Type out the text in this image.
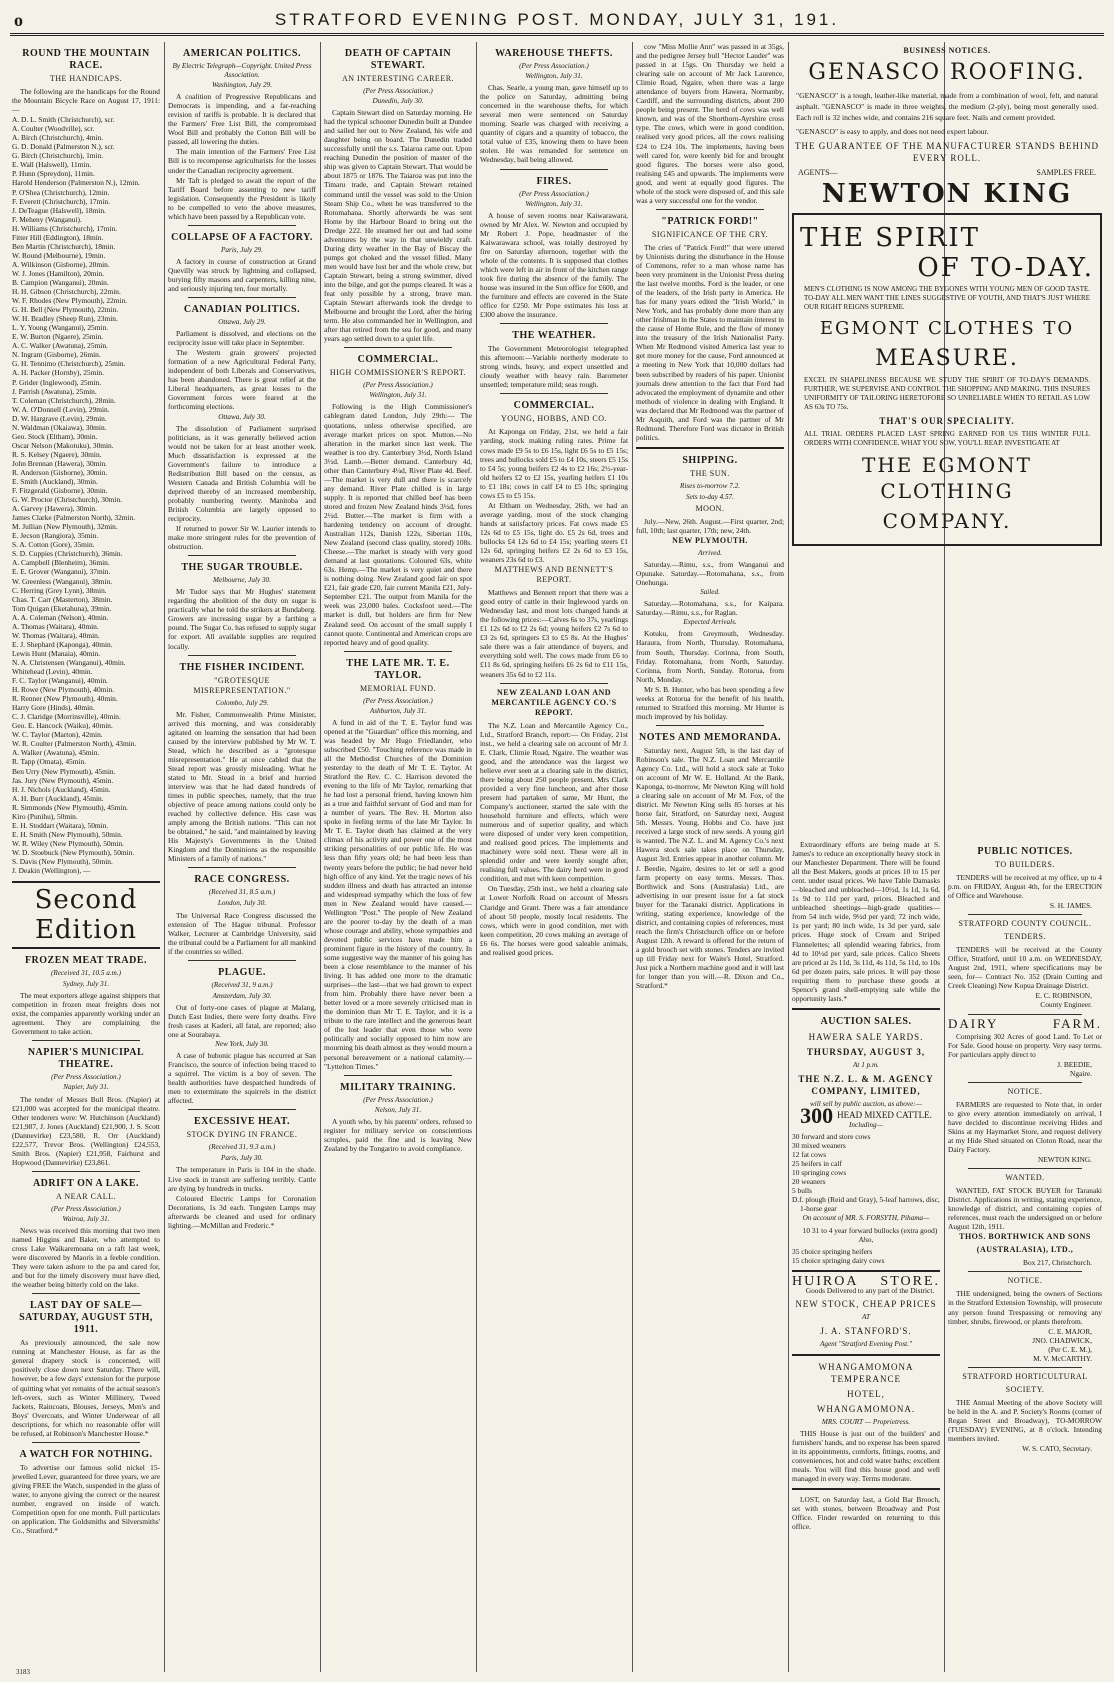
o	STRATFORD EVENING POST. MONDAY, JULY 31, 191.
ROUND THE MOUNTAIN RACE.
THE HANDICAPS.
The following are the handicaps for the Round the Mountain Bicycle Race on August 17, 1911:—
A. D. L. Smith (Christchurch), scr.
A. Coulter (Woodville), scr.
A. Birch (Christchurch), 4min.
G. D. Donald (Palmerston N.), scr.
G. Birch (Christchurch), 1min.
E. Wall (Halswell), 11min.
P. Hunn (Spreydon), 11min.
Harold Henderson (Palmerston N.), 12min.
P. O'Shea (Christchurch), 12min.
F. Everett (Christchurch), 17min.
J. DeTeague (Halswell), 18min.
F. Meheny (Wanganui).
H. Williams (Christchurch), 17min.
Fitter Hill (Eddington), 18min.
Ben Martin (Christchurch), 18min.
W. Round (Melbourne), 19min.
A. Wilkinson (Gisborne), 20min.
W. J. Jones (Hamilton), 20min.
B. Campion (Wanganui), 20min.
H. H. Gibson (Christchurch), 22min.
W. F. Rhodes (New Plymouth), 22min.
G. H. Bell (New Plymouth), 22min.
W. H. Bradley (Sheep Run), 23min.
L. Y. Young (Wanganui), 25min.
E. W. Burton (Ngaere), 25min.
A. C. Walker (Awatuna), 25min.
N. Ingram (Gisborne), 26min.
G. H. Tennimo (Christchurch), 25min.
A. H. Packer (Hornby), 25min.
P. Grider (Inglewood), 25min.
J. Parrish (Awatuna), 25min.
T. Coleman (Christchurch), 28min.
W. A. O'Donnell (Levin), 29min.
D. W. Hargrave (Levin), 29min.
N. Waldman (Okaiawa), 30min.
Geo. Stock (Eltham), 30min.
Oscar Nelson (Makotuku), 30min.
R. S. Kelsey (Ngaere), 30min.
John Brennan (Hawera), 30min.
R. Anderson (Gisborne), 30min.
E. Smith (Auckland), 30min.
F. Fitzgerald (Gisborne), 30min.
G. W. Proctor (Christchurch), 30min.
A. Garvey (Hawera), 30min.
James Clarke (Palmerston North), 32min.
M. Jullian (New Plymouth), 32min.
E. Jecson (Rangiora), 35min.
S. A. Cotton (Gore), 35min.
S. D. Cuppies (Christchurch), 36min.
A. Campbell (Blenheim), 36min.
E. E. Grover (Wanganui), 37min.
W. Greenless (Wanganui), 38min.
C. Herring (Grey Lynn), 38min.
Chas. T. Carr (Masterton), 38min.
Tom Quigan (Eketahuna), 39min.
A. A. Coleman (Nelson), 40min.
A. Thomas (Waitara), 40min.
W. Thomas (Waitara), 40min.
E. J. Shephard (Kaponga), 40min.
Lewis Hunt (Manaia), 40min.
N. A. Christensen (Wanganui), 40min.
Whitehead (Levin), 40min.
F. C. Taylor (Wanganui), 40min.
H. Rowe (New Plymouth), 40min.
R. Renner (New Plymouth), 40min.
Harry Gore (Hinds), 40min.
C. J. Claridge (Morrinsville), 40min.
Geo. E. Hancock (Waiku), 40min.
W. C. Taylor (Marton), 42min.
W. R. Coulter (Palmerston North), 43min.
A. Walker (Awatuna), 45min.
R. Tapp (Omata), 45min.
Ben Urry (New Plymouth), 45min.
Jas. Jury (New Plymouth), 45min.
H. J. Nichols (Auckland), 45min.
A. H. Burr (Auckland), 45min.
R. Simmonds (New Plymouth), 45min.
Kiro (Punihu), 50min.
E. H. Stoddart (Waitara), 50min.
E. H. Smith (New Plymouth), 50min.
W. R. Wiley (New Plymouth), 50min.
W. D. Stoebuck (New Plymouth), 50min.
S. Davis (New Plymouth), 50min.
J. Deakin (Wellington), —
Second Edition
FROZEN MEAT TRADE.
(Received 31, 10.5 a.m.)
Sydney, July 31.
The meat exporters allege against shippers that competition in frozen meat freights does not exist, the companies apparently working under an agreement. They are complaining the Government to take action.
NAPIER'S MUNICIPAL THEATRE.
(Per Press Association.)
Napier, July 31.
The tender of Messrs Bull Bros. (Napier) at £21,000 was accepted for the municipal theatre. Other tenderers were: W. Hutchinson (Auckland) £21,987, J. Jones (Auckland) £21,900, J. S. Scott (Dannevirke) £23,580, R. Orr (Auckland) £22,577, Trevor Bros. (Wellington) £24,553, Smith Bros. (Napier) £21,958, Fairhurst and Hopwood (Dannevirke) £23,861.
ADRIFT ON A LAKE.
A NEAR CALL.
(Per Press Association.)
Wairoa, July 31.
News was received this morning that two men named Higgins and Baker, who attempted to cross Lake Waikaremoana on a raft last week, were discovered by Maoris in a feeble condition. They were taken ashore to the pa and cared for, and but for the timely discovery must have died, the weather being bitterly cold on the lake.
LAST DAY OF SALE—SATURDAY, AUGUST 5TH, 1911.
As previously announced, the sale now running at Manchester House, as far as the general drapery stock is concerned, will positively close down next Saturday. There will, however, be a few days' extension for the purpose of quitting what yet remains of the actual season's left-overs, such as Winter Millinery, Tweed Jackets, Raincoats, Blouses, Jerseys, Men's and Boys' Overcoats, and Winter Underwear of all descriptions, for which no reasonable offer will be refused, at Robinson's Manchester House.*
A WATCH FOR NOTHING.
To advertise our famous solid nickel 15-jewelled Lever, guaranteed for three years, we are giving FREE the Watch, suspended in the glass of water, to anyone giving the correct or the nearest number, engraved on inside of watch. Competition open for one month. Full particulars on application. The Goldsmiths and Silversmiths' Co., Stratford.*
AMERICAN POLITICS.
By Electric Telegraph—Copyright. United Press Association.
Washington, July 29.
A coalition of Progressive Republicans and Democrats is impending, and a far-reaching revision of tariffs is probable. It is declared that the Farmers' Free List Bill, the compromised Wool Bill and probably the Cotton Bill will be passed, all lowering the duties.
The main intention of the Farmers' Free List Bill is to recompense agriculturists for the losses under the Canadian reciprocity agreement.
Mr Taft is pledged to await the report of the Tariff Board before assenting to new tariff legislation. Consequently the President is likely to be compelled to veto the above measures, which have been passed by a Republican vote.
COLLAPSE OF A FACTORY.
Paris, July 29.
A factory in course of construction at Grand Quevilly was struck by lightning and collapsed, burying fifty masons and carpenters, killing nine, and seriously injuring ten, four mortally.
CANADIAN POLITICS.
Ottawa, July 29.
Parliament is dissolved, and elections on the reciprocity issue will take place in September.
The Western grain growers' projected formation of a new Agricultural Federal Party, independent of both Liberals and Conservatives, has been abandoned. There is great relief at the Liberal headquarters, as great losses to the Government forces were feared at the forthcoming elections.
Ottawa, July 30.
The dissolution of Parliament surprised politicians, as it was generally believed action would not be taken for at least another week. Much dissatisfaction is expressed at the Government's failure to introduce a Redistribution Bill based on the census, as Western Canada and British Columbia will be deprived thereby of an increased membership, probably numbering twenty. Manitoba and British Columbia are largely opposed to reciprocity.
If returned to power Sir W. Laurier intends to make more stringent rules for the prevention of obstruction.
THE SUGAR TROUBLE.
Melbourne, July 30.
Mr Tudor says that Mr Hughes' statement regarding the abolition of the duty on sugar is practically what he told the strikers at Bundaberg. Growers are increasing sugar by a farthing a pound. The Sugar Co. has refused to supply sugar for export. All available supplies are required locally.
THE FISHER INCIDENT.
"GROTESQUE MISREPRESENTATION."
Colombo, July 29.
Mr. Fisher, Commonwealth Prime Minister, arrived this morning, and was considerably agitated on learning the sensation that had been caused by the interview published by Mr W. T. Stead, which he described as a "grotesque misrepresentation." He at once cabled that the Stead report was grossly misleading. What he stated to Mr. Stead in a brief and hurried interview was that he had dated hundreds of times in public speeches, namely, that the true objective of peace among nations could only be reached by collective defence. His case was amply among the British nations. "This can not be obtained," he said, "and maintained by leaving His Majesty's Governments in the United Kingdom and the Dominions as the responsible Ministers of a family of nations."
RACE CONGRESS.
(Received 31, 8.5 a.m.)
London, July 30.
The Universal Race Congress discussed the extension of The Hague tribunal. Professor Walker, Lecturer at Cambridge University, said the tribunal could be a Parliament for all mankind if the countries so willed.
PLAGUE.
(Received 31, 9 a.m.)
Amsterdam, July 30.
Out of forty-one cases of plague at Malang, Dutch East Indies, there were forty deaths. Five fresh cases at Kaderi, all fatal, are reported; also one at Sourabaya.
New York, July 30.
A case of bubonic plague has occurred at San Francisco, the source of infection being traced to a squirrel. The victim is a boy of seven. The health authorities have despatched hundreds of men to exterminate the squirrels in the district affected.
EXCESSIVE HEAT.
STOCK DYING IN FRANCE.
(Received 31, 9.3 a.m.)
Paris, July 30.
The temperature in Paris is 104 in the shade. Live stock in transit are suffering terribly. Cattle are dying by hundreds in trucks.
Coloured Electric Lamps for Coronation Decorations, 1s 3d each. Tungsten Lamps may afterwards be cleaned and used for ordinary lighting.—McMillan and Frederic.*
DEATH OF CAPTAIN STEWART.
AN INTERESTING CAREER.
(Per Press Association.)
Dunedin, July 30.
Captain Stewart died on Saturday morning. He had the typical schooner Dunedin built at Dundee and sailed her out to New Zealand, his wife and daughter being on board. The Dunedin traded successfully until the s.s. Taiaroa came out. Upon reaching Dunedin the position of master of the ship was given to Captain Stewart. That would be about 1875 or 1876. The Taiaroa was put into the Timaru trade, and Captain Stewart retained command until the vessel was sold to the Union Steam Ship Co., when he was transferred to the Rotomahana. Shortly afterwards he was sent Home by the Harbour Board to bring out the Dredge 222. He steamed her out and had some adventures by the way in that unwieldy craft. During dirty weather in the Bay of Biscay the pumps got choked and the vessel filled. Many men would have lost her and the whole crew, but Captain Stewart, being a strong swimmer, dived into the bilge, and got the pumps cleared. It was a feat only possible by a strong, brave man. Captain Stewart afterwards took the dredge to Melbourne and brought the Lord, after the hiring term. He also commanded her in Wellington, and after that retired from the sea for good, and many years ago settled down to a quiet life.
COMMERCIAL.
HIGH COMMISSIONER'S REPORT.
(Per Press Association.)
Wellington, July 31.
Following is the High Commissioner's cablegram dated London, July 29th:— The quotations, unless otherwise specified, are average market prices on spot. Mutton.—No alteration in the market since last week. The weather is too dry. Canterbury 3½d, North Island 3½d. Lamb.—Better demand. Canterbury 4d, other than Canterbury 4¼d, River Plate 4d. Beef.—The market is very dull and there is scarcely any demand. River Plate chilled is in large supply. It is reported that chilled beef has been stored and frozen New Zealand hinds 3½d, fores 2½d. Butter.—The market is firm with a hardening tendency on account of drought. Australian 112s, Danish 122s, Siberian 110s, New Zealand (second class quality, stored) 108s. Cheese.—The market is steady with very good demand at last quotations. Coloured 63s, white 63s. Hemp.—The market is very quiet and there is nothing doing. New Zealand good fair on spot £21, fair grade £20, fair current Manila £21, July-September £21. The output from Manila for the week was 23,000 bales. Cocksfoot seed.—The market is dull, but holders are firm for New Zealand seed. On account of the small supply I cannot quote. Continental and American crops are reported heavy and of good quality.
THE LATE MR. T. E. TAYLOR.
MEMORIAL FUND.
(Per Press Association.)
Ashburton, July 31.
A fund in aid of the T. E. Taylor fund was opened at the "Guardian" office this morning, and was headed by Mr Hugo Friedlander, who subscribed £50. "Touching reference was made in all the Methodist Churches of the Dominion yesterday to the death of Mr T. E. Taylor. At Stratford the Rev. C. C. Harrison devoted the evening to the life of Mr Taylor, remarking that he had lost a personal friend, having known him as a true and faithful servant of God and man for a number of years. The Rev. H. Morton also spoke in feeling terms of the late Mr Taylor. In Mr T. E. Taylor death has claimed at the very climax of his activity and power one of the most striking personalities of our public life. He was less than fifty years old; he had been less than twenty years before the public; he had never held high office of any kind. Yet the tragic news of his sudden illness and death has attracted an intense and widespread sympathy which the loss of few men in New Zealand would have caused.— Wellington "Post." The people of New Zealand are the poorer to-day by the death of a man whose courage and ability, whose sympathies and devoted public services have made him a prominent figure in the history of the country. In some suggestive way the manner of his going has been a close resemblance to the manner of his living. It has added one more to the dramatic surprises—the last—that we had grown to expect from him. Probably there have never been a better loved or a more severely criticised man in the dominion than Mr T. E. Taylor, and it is a tribute to the rare intellect and the generous heart of the lost leader that even those who were politically and socially opposed to him now are mourning his death almost as they would mourn a personal bereavement or a national calamity.— "Lyttelton Times."
MILITARY TRAINING.
(Per Press Association.)
Nelson, July 31.
A youth who, by his parents' orders, refused to register for military service on conscientious scruples, paid the fine and is leaving New Zealand by the Tongariro to avoid compliance.
WAREHOUSE THEFTS.
(Per Press Association.)
Wellington, July 31.
Chas. Searle, a young man, gave himself up to the police on Saturday, admitting being concerned in the warehouse thefts, for which several men were sentenced on Saturday morning. Searle was charged with receiving a quantity of cigars and a quantity of tobacco, the total value of £35, knowing them to have been stolen. He was remanded for sentence on Wednesday, bail being allowed.
FIRES.
(Per Press Association.)
Wellington, July 31.
A house of seven rooms near Kaiwarawara, owned by Mr Alex. W. Newton and occupied by Mr Robert J. Pope, headmaster of the Kaiwarawara school, was totally destroyed by fire on Saturday afternoon, together with the whole of the contents. It is supposed that clothes which were left in air in front of the kitchen range took fire during the absence of the family. The house was insured in the Sun office for £600, and the furniture and effects are covered in the State office for £250. Mr Pope estimates his loss at £300 above the insurance.
THE WEATHER.
The Government Meteorologist telegraphed this afternoon:—Variable northerly moderate to strong winds, heavy, and expect unsettled and cloudy weather with heavy rain. Barometer unsettled; temperature mild; seas rough.
COMMERCIAL.
YOUNG, HOBBS, AND CO.
At Kaponga on Friday, 21st, we held a fair yarding, stock making ruling rates. Prime fat cows made £9 5s to £6 15s, light £6 5s to £5 15s; trees and bullocks sold £5 to £4 10s, steers £5 15s to £4 5s; young heifers £2 4s to £2 16s; 2½-year-old heifers £2 to £2 15s, yearling heifers £1 10s to £1 18s; cows in calf £4 to £5 10s; springing cows £5 to £5 15s.
At Eltham on Wednesday, 26th, we had an average yarding, most of the stock changing hands at satisfactory prices. Fat cows made £5 12s 6d to £5 15s, light do. £5 2s 6d, trees and bullocks £4 12s 6d to £4 15s; yearling steers £1 12s 6d, springing heifers £2 2s 6d to £3 15s, weaners 23s 6d to £3.
MATTHEWS AND BENNETT'S REPORT.
Matthews and Bennett report that there was a good entry of cattle in their Inglewood yards on Wednesday last, and most lots changed hands at the following prices:—Calves 6s to 37s, yearlings £1 12s 6d to £2 2s 6d; young heifers £2 7s 6d to £3 2s 6d, springers £3 to £5 8s. At the Hughes' sale there was a fair attendance of buyers, and everything sold well. The cows made from £6 to £11 8s 6d, springing heifers £6 2s 6d to £11 15s, weaners 35s 6d to £2 11s.
NEW ZEALAND LOAN AND MERCANTILE AGENCY CO.'S REPORT.
The N.Z. Loan and Mercantile Agency Co., Ltd., Stratford Branch, report:— On Friday, 21st inst., we held a clearing sale on account of Mr J. E. Clark, Climie Road, Ngaire. The weather was good, and the attendance was the largest we believe ever seen at a clearing sale in the district, there being about 250 people present. Mrs Clark provided a very fine luncheon, and after those present had partaken of same, Mr Hunt, the Company's auctioneer, started the sale with the household furniture and effects, which were numerous and of superior quality, and which were disposed of under very keen competition, and realised good prices. The implements and machinery were sold next. These were all in splendid order and were keenly sought after, realising full values. The dairy herd were in good condition, and met with keen competition.
On Tuesday, 25th inst., we held a clearing sale at Lower Norfolk Road on account of Messrs Claridge and Grant. There was a fair attendance of about 50 people, mostly local residents. The cows, which were in good condition, met with keen competition, 20 cows making an average of £6 6s. The horses were good saleable animals, and realised good prices.
cow "Miss Mollie Ann" was passed in at 35gs, and the pedigree Jersey bull "Hector Lauder" was passed in at 15gs. On Thursday we held a clearing sale on account of Mr Jack Laurence, Climie Road, Ngaire, when there was a large attendance of buyers from Hawera, Normanby, Cardiff, and the surrounding districts, about 200 people being present. The herd of cows was well known, and was of the Shorthorn-Ayrshire cross type. The cows, which were in good condition, realised very good prices, all the cows realising £24 to £24 10s. The implements, having been well cared for, were keenly bid for and brought good figures. The horses were also good, realising £45 and upwards. The implements were good, and went at equally good figures. The whole of the stock were disposed of, and this sale was a very successful one for the vendor.
"PATRICK FORD!"
SIGNIFICANCE OF THE CRY.
The cries of "Patrick Ford!" that were uttered by Unionists during the disturbance in the House of Commons, refer to a man whose name has been very prominent in the Unionist Press during the last twelve months. Ford is the leader, or one of the leaders, of the Irish party in America. He has for many years edited the "Irish World," in New York, and has probably done more than any other Irishman in the States to maintain interest in the cause of Home Rule, and the flow of money into the treasury of the Irish Nationalist Party. When Mr Redmond visited America last year to get more money for the cause, Ford announced at a meeting in New York that 10,000 dollars had been subscribed by readers of his paper. Unionist journals drew attention to the fact that Ford had advocated the employment of dynamite and other methods of violence in dealing with England. It was declared that Mr Redmond was the partner of Mr Asquith, and Ford was the partner of Mr Redmond. Therefore Ford was dictator in British politics.
SHIPPING.
THE SUN.
Rises to-morrow 7.2.
Sets to-day 4.57.
MOON.
July.—New, 26th. August.—First quarter, 2nd; full, 10th; last quarter, 17th; new, 24th.
NEW PLYMOUTH.
Arrived.
Saturday.—Rimu, s.s., from Wanganui and Opunake. Saturday.—Rotomahana, s.s., from Onehunga.
Sailed.
Saturday.—Rotomahana, s.s., for Kaipara. Saturday.—Rimu, s.s., for Raglan.
Expected Arrivals.
Kotuku, from Greymouth, Wednesday. Haraura, from North, Thursday. Rotomahana, from South, Thursday. Corinna, from South, Friday. Rotomahana, from North, Saturday. Corinna, from North, Sunday. Rotorua, from North, Monday.
Mr S. B. Hunter, who has been spending a few weeks at Rotorua for the benefit of his health, returned to Stratford this morning. Mr Hunter is much improved by his holiday.
NOTES AND MEMORANDA.
Saturday next, August 5th, is the last day of Robinson's sale. The N.Z. Loan and Mercantile Agency Co. Ltd., will hold a stock sale at Toko on account of Mr W. E. Holland. At the Bank, Kaponga, to-morrow, Mr Newton King will hold a clearing sale on account of Mr M. Fox, of the district. Mr Newton King sells 85 horses at his horse fair, Stratford, on Saturday next, August 5th. Messrs. Young, Hobbs and Co. have just received a large stock of new seeds. A young girl is wanted. The N.Z. L. and M. Agency Co.'s next Hawera stock sale takes place on Thursday, August 3rd. Entries appear in another column. Mr J. Beedie, Ngaire, desires to let or sell a good farm property on easy terms. Messrs. Thos. Borthwick and Sons (Australasia) Ltd., are advertising in our present issue for a fat stock buyer for the Taranaki district. Applications in writing, stating experience, knowledge of the district, and containing copies of references, must reach the firm's Christchurch office on or before August 12th. A reward is offered for the return of a gold brooch set with stones. Tenders are invited up till Friday next for Waite's Hotel, Stratford. Just pick a Northern machine good and it will last for longer than you will.—R. Dixon and Co., Stratford.*
BUSINESS NOTICES.
GENASCO ROOFING.
"GENASCO" is a tough, leather-like material, made from a combination of wool, felt, and natural asphalt. "GENASCO" is made in three weights, the medium (2-ply), being most generally used. Each roll is 32 inches wide, and contains 216 square feet. Nails and cement provided.
"GENASCO" is easy to apply, and does not need expert labour.
THE GUARANTEE OF THE MANUFACTURER STANDS BEHIND EVERY ROLL.
AGENTS—	SAMPLES FREE.
NEWTON KING
THE SPIRIT
OF TO-DAY.
MEN'S CLOTHING IS NOW AMONG THE BYGONES WITH YOUNG MEN OF GOOD TASTE. TO-DAY ALL MEN WANT THE LINES SUGGESTIVE OF YOUTH, AND THAT'S JUST WHERE OUR RIGHT REIGNS SUPREME.
EGMONT CLOTHES TO
MEASURE.
EXCEL IN SHAPELINESS BECAUSE WE STUDY THE SPIRIT OF TO-DAY'S DEMANDS. FURTHER, WE SUPERVISE AND CONTROL THE SHOPPING AND MAKING. THIS INSURES UNIFORMITY OF TAILORING HERETOFORE SO UNRELIABLE WHEN TO RETAIL AS LOW AS 63s TO 75s.
THAT'S OUR SPECIALITY.
ALL TRIAL ORDERS PLACED LAST SPRING EARNED FOR US THIS WINTER FULL ORDERS WITH CONFIDENCE. WHAT YOU SOW, YOU'LL REAP. INVESTIGATE AT
THE EGMONT CLOTHING
COMPANY.
Extraordinary efforts are being made at S. James's to reduce an exceptionally heavy stock in our Manchester Department. There will be found all the Best Makers, goods at prices 10 to 15 per cent. under usual prices. We have Table Damasks—bleached and unbleached—10½d, 1s 1d, 1s 6d, 1s 9d to 11d per yard, prices. Bleached and unbleached sheetings—high-grade qualities—from 54 inch wide, 9½d per yard; 72 inch wide, 1s per yard; 80 inch wide, 1s 3d per yard, sale prices. Huge stock of Cream and Striped Flannelettes; all splendid wearing fabrics, from 4d to 10½d per yard, sale prices. Calico Sheets are priced at 2s 11d, 3s 11d, 4s 11d, 5s 11d, to 10s 6d per dozen pairs, sale prices. It will pay those requiring them to purchase these goods at Spence's grand shell-emptying sale while the opportunity lasts.*
AUCTION SALES.
HAWERA SALE YARDS.
THURSDAY, AUGUST 3,
At 1 p.m.
THE N.Z. L. & M. AGENCY COMPANY, LIMITED,
will sell by public auction, as above:—
300 HEAD MIXED CATTLE.
Including—
30 forward and store cows
30 mixed weaners
12 fat cows
25 heifers in calf
10 springing cows
20 weaners
5 bulls
D.f. plough (Reid and Gray), 5-leaf harrows, disc, 1-horse gear
On account of MR. S. FORSYTH, Pihama—
10 31 to 4 year forward bullocks (extra good)
Also,
35 choice springing heifers
15 choice springing dairy cows
HUIROA STORE.
Goods Delivered to any part of the District.
NEW STOCK, CHEAP PRICES
AT
J. A. STANFORD'S.
Agent "Stratford Evening Post."
WHANGAMOMONA TEMPERANCE
HOTEL,
WHANGAMOMONA.
MRS. COURT — Proprietress.
THIS House is just out of the builders' and furnishers' hands, and no expense has been spared in its appointments, comforts, fittings, rooms, and conveniences, hot and cold water baths; excellent meals. You will find this house good and well managed in every way. Terms moderate.
LOST, on Saturday last, a Gold Bar Brooch, set with stones, between Broadway and Post Office. Finder rewarded on returning to this office.
PUBLIC NOTICES.
TO BUILDERS.
TENDERS will be received at my office, up to 4 p.m. on FRIDAY, August 4th, for the ERECTION of Office and Warehouse.
S. H. JAMES.
STRATFORD COUNTY COUNCIL.
TENDERS.
TENDERS will be received at the County Office, Stratford, until 10 a.m. on WEDNESDAY, August 2nd, 1911, where specifications may be seen, for— Contract No. 352 (Drain Cutting and Creek Cleaning) New Kopua Drainage District.
E. C. ROBINSON,
County Engineer.
DAIRY	FARM.
Comprising 302 Acres of good Land. To Let or For Sale. Good house on property. Very easy terms. For particulars apply direct to
J. BEEDIE,
Ngaire.
NOTICE.
FARMERS are requested to Note that, in order to give every attention immediately on arrival, I have decided to discontinue receiving Hides and Skins at my Haymarket Store, and request delivery at my Hide Shed situated on Cloton Road, near the Dairy Factory.
NEWTON KING.
WANTED.
WANTED, FAT STOCK BUYER for Taranaki District. Applications in writing, stating experience, knowledge of district, and containing copies of references, must reach the undersigned on or before August 12th, 1911.
THOS. BORTHWICK AND SONS
(AUSTRALASIA), LTD.,
Box 217, Christchurch.
NOTICE.
THE undersigned, being the owners of Sections in the Stratford Extension Township, will prosecute any person found Trespassing or removing any timber, shrubs, firewood, or plants therefrom.
C. E. MAJOR,
JNO. CHADWICK,
(Per C. E. M.),
M. V. McCARTHY.
STRATFORD HORTICULTURAL
SOCIETY.
THE Annual Meeting of the above Society will be held in the A. and P. Society's Rooms (corner of Regan Street and Broadway), TO-MORROW (TUESDAY) EVENING, at 8 o'clock. Intending members invited.
W. S. CATO, Secretary.
3183
